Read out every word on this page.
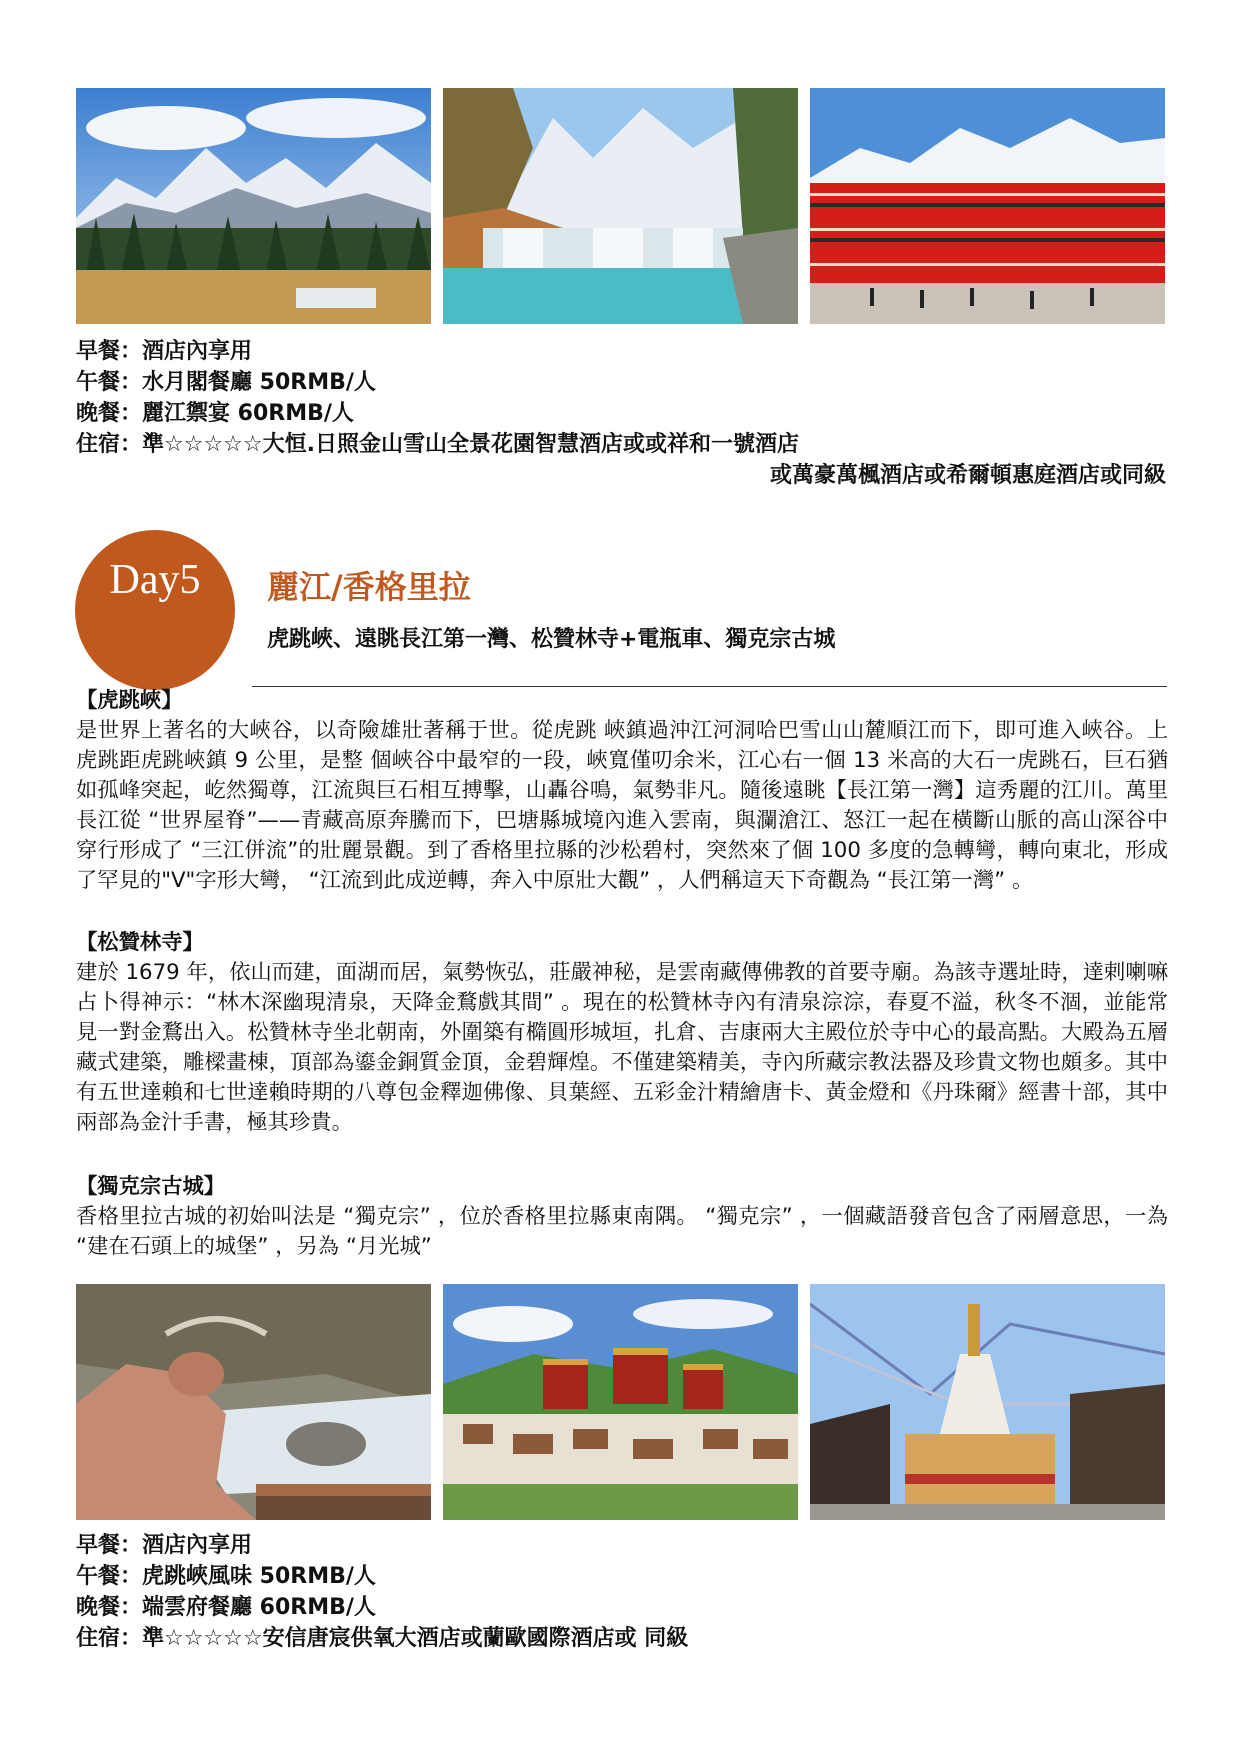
早餐：酒店內享用
午餐：水月閣餐廳 50RMB/人
晚餐：麗江禦宴 60RMB/人
住宿：準☆☆☆☆☆大恒.日照金山雪山全景花園智慧酒店或或祥和一號酒店
或萬豪萬楓酒店或希爾頓惠庭酒店或同級
Day5	麗江/香格里拉
虎跳峽、遠眺長江第一灣、松贊林寺+電瓶車、獨克宗古城
【虎跳峽】
是世界上著名的大峽谷，以奇險雄壯著稱于世。從虎跳 峽鎮過沖江河洞哈巴雪山山麓順江而下，即可進入峽谷。上虎跳距虎跳峽鎮 9 公里，是整 個峽谷中最窄的一段，峽寬僅叨余米，江心右一個 13 米高的大石一虎跳石，巨石猶如孤峰突起，屹然獨尊，江流與巨石相互搏擊，山轟谷鳴，氣勢非凡。隨後遠眺【長江第一灣】這秀麗的江川。萬里長江從 “世界屋脊”——青藏高原奔騰而下，巴塘縣城境內進入雲南，與瀾滄江、怒江一起在橫斷山脈的高山深谷中穿行形成了 “三江併流”的壯麗景觀。到了香格里拉縣的沙松碧村，突然來了個 100 多度的急轉彎，轉向東北，形成了罕見的"V"字形大彎， “江流到此成逆轉，奔入中原壯大觀” ，人們稱這天下奇觀為 “長江第一灣” 。
【松贊林寺】
建於 1679 年，依山而建，面湖而居，氣勢恢弘，莊嚴神秘，是雲南藏傳佛教的首要寺廟。為該寺選址時，達剌喇嘛占卜得神示：“林木深幽現清泉，天降金鶩戲其間” 。現在的松贊林寺內有清泉淙淙，春夏不溢，秋冬不涸，並能常見一對金鶩出入。松贊林寺坐北朝南，外圍築有橢圓形城垣，扎倉、吉康兩大主殿位於寺中心的最高點。大殿為五層藏式建築，雕樑畫棟，頂部為鎏金銅質金頂，金碧輝煌。不僅建築精美，寺內所藏宗教法器及珍貴文物也頗多。其中有五世達賴和七世達賴時期的八尊包金釋迦佛像、貝葉經、五彩金汁精繪唐卡、黃金燈和《丹珠爾》經書十部，其中兩部為金汁手書，極其珍貴。
【獨克宗古城】
香格里拉古城的初始叫法是 “獨克宗” ，位於香格里拉縣東南隅。 “獨克宗” ，一個藏語發音包含了兩層意思，一為 “建在石頭上的城堡” ，另為 “月光城”
早餐：酒店內享用
午餐：虎跳峽風味 50RMB/人
晚餐：端雲府餐廳 60RMB/人
住宿：準☆☆☆☆☆安信唐宸供氧大酒店或蘭歐國際酒店或 同級
